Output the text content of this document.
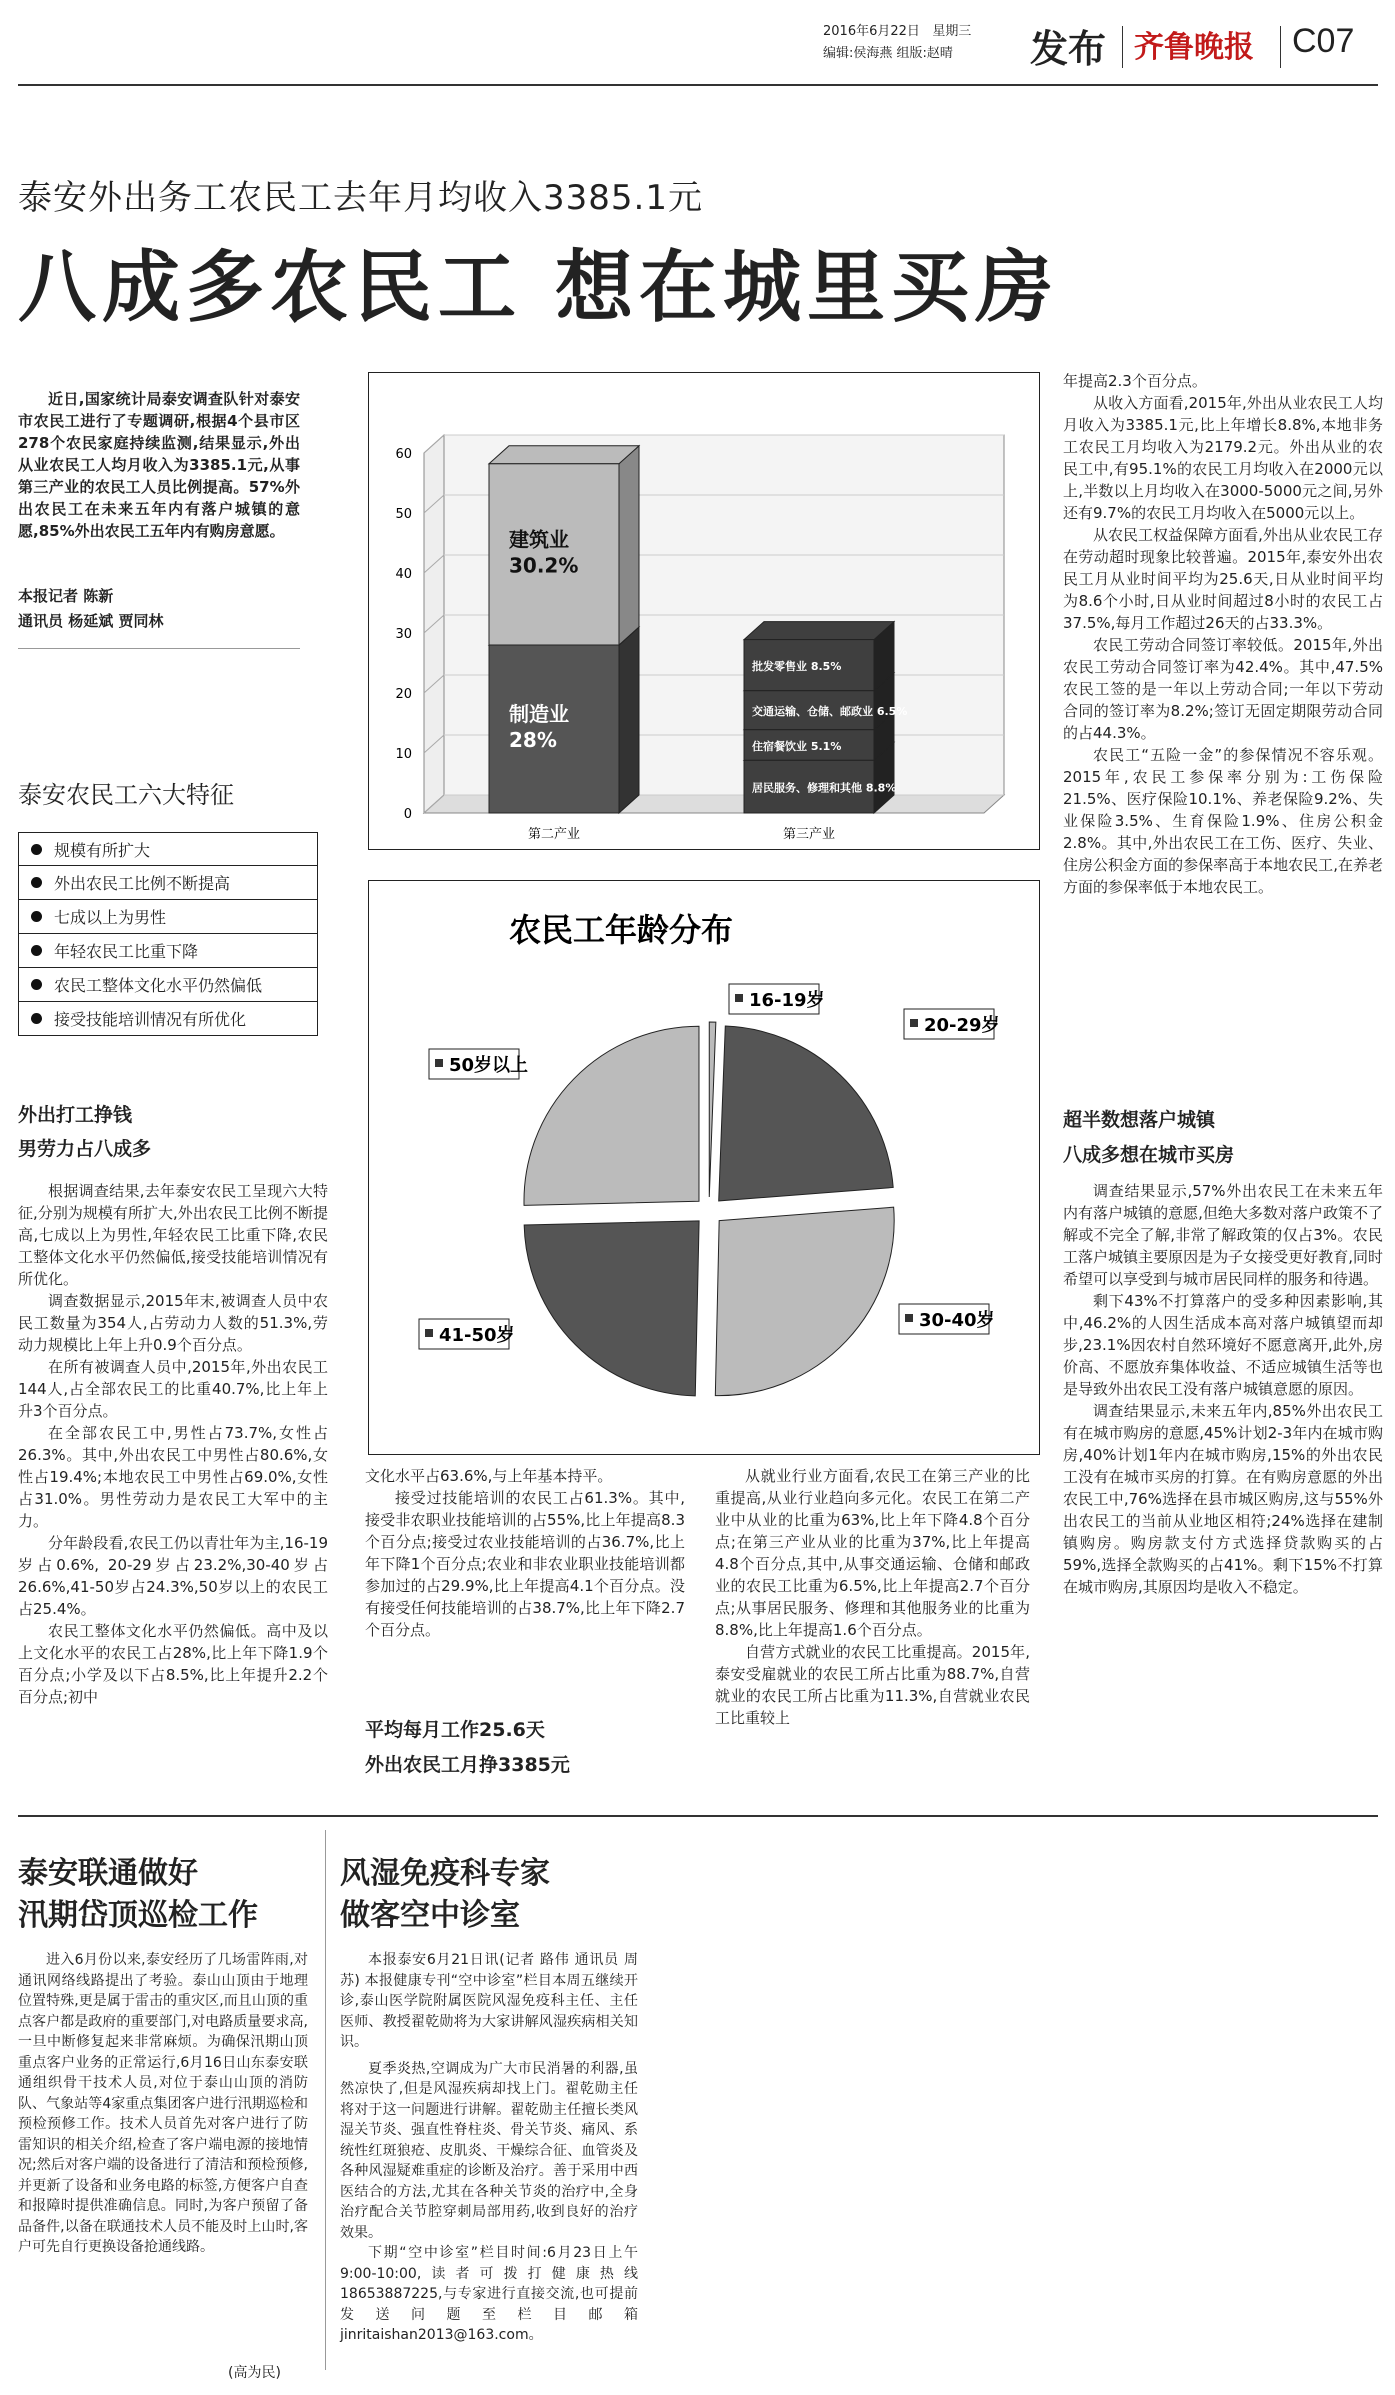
2016年6月22日 星期三
编辑:侯海燕 组版:赵晴 发布 齐鲁晚报 C07
泰安外出务工农民工去年月均收入3385.1元
八成多农民工 想在城里买房
近日,国家统计局泰安调查队针对泰安市农民工进行了专题调研,根据4个县市区278个农民家庭持续监测,结果显示,外出从业农民工人均月收入为3385.1元,从事第三产业的农民工人员比例提高。57%外出农民工在未来五年内有落户城镇的意愿,85%外出农民工五年内有购房意愿。
本报记者 陈新
通讯员 杨延斌 贾同林
泰安农民工六大特征
规模有所扩大
外出农民工比例不断提高
七成以上为男性
年轻农民工比重下降
农民工整体文化水平仍然偏低
接受技能培训情况有所优化
外出打工挣钱
男劳力占八成多

根据调查结果,去年泰安农民工呈现六大特征,分别为规模有所扩大,外出农民工比例不断提高,七成以上为男性,年轻农民工比重下降,农民工整体文化水平仍然偏低,接受技能培训情况有所优化。

调查数据显示,2015年末,被调查人员中农民工数量为354人,占劳动力人数的51.3%,劳动力规模比上年上升0.9个百分点。

在所有被调查人员中,2015年,外出农民工144人,占全部农民工的比重40.7%,比上年上升3个百分点。

在全部农民工中,男性占73.7%,女性占26.3%。其中,外出农民工中男性占80.6%,女性占19.4%;本地农民工中男性占69.0%,女性占31.0%。男性劳动力是农民工大军中的主力。

分年龄段看,农民工仍以青壮年为主,16-19岁占0.6%, 20-29岁占23.2%,30-40岁占26.6%,41-50岁占24.3%,50岁以上的农民工占25.4%。

农民工整体文化水平仍然偏低。高中及以上文化水平的农民工占28%,比上年下降1.9个百分点;小学及以下占8.5%,比上年提升2.2个百分点;初中

文化水平占63.6%,与上年基本持平。

接受过技能培训的农民工占61.3%。其中,接受非农职业技能培训的占55%,比上年提高8.3个百分点;接受过农业技能培训的占36.7%,比上年下降1个百分点;农业和非农业职业技能培训都参加过的占29.9%,比上年提高4.1个百分点。没有接受任何技能培训的占38.7%,比上年下降2.7个百分点。

平均每月工作25.6天
外出农民工月挣3385元

从就业行业方面看,农民工在第三产业的比重提高,从业行业趋向多元化。农民工在第二产业中从业的比重为63%,比上年下降4.8个百分点;在第三产业从业的比重为37%,比上年提高4.8个百分点,其中,从事交通运输、仓储和邮政业的农民工比重为6.5%,比上年提高2.7个百分点;从事居民服务、修理和其他服务业的比重为8.8%,比上年提高1.6个百分点。

自营方式就业的农民工比重提高。2015年,泰安受雇就业的农民工所占比重为88.7%,自营就业的农民工所占比重为11.3%,自营就业农民工比重较上

年提高2.3个百分点。

从收入方面看,2015年,外出从业农民工人均月收入为3385.1元,比上年增长8.8%,本地非务工农民工月均收入为2179.2元。外出从业的农民工中,有95.1%的农民工月均收入在2000元以上,半数以上月均收入在3000-5000元之间,另外还有9.7%的农民工月均收入在5000元以上。

从农民工权益保障方面看,外出从业农民工存在劳动超时现象比较普遍。2015年,泰安外出农民工月从业时间平均为25.6天,日从业时间平均为8.6个小时,日从业时间超过8小时的农民工占37.5%,每月工作超过26天的占33.3%。

农民工劳动合同签订率较低。2015年,外出农民工劳动合同签订率为42.4%。其中,47.5%农民工签的是一年以上劳动合同;一年以下劳动合同的签订率为8.2%;签订无固定期限劳动合同的占44.3%。

农民工“五险一金”的参保情况不容乐观。2015年,农民工参保率分别为:工伤保险21.5%、医疗保险10.1%、养老保险9.2%、失业保险3.5%、生育保险1.9%、住房公积金2.8%。其中,外出农民工在工伤、医疗、失业、住房公积金方面的参保率高于本地农民工,在养老方面的参保率低于本地农民工。

超半数想落户城镇
八成多想在城市买房

调查结果显示,57%外出农民工在未来五年内有落户城镇的意愿,但绝大多数对落户政策不了解或不完全了解,非常了解政策的仅占3%。农民工落户城镇主要原因是为子女接受更好教育,同时希望可以享受到与城市居民同样的服务和待遇。

剩下43%不打算落户的受多种因素影响,其中,46.2%的人因生活成本高对落户城镇望而却步,23.1%因农村自然环境好不愿意离开,此外,房价高、不愿放弃集体收益、不适应城镇生活等也是导致外出农民工没有落户城镇意愿的原因。

调查结果显示,未来五年内,85%外出农民工有在城市购房的意愿,45%计划2-3年内在城市购房,40%计划1年内在城市购房,15%的外出农民工没有在城市买房的打算。在有购房意愿的外出农民工中,76%选择在县市城区购房,这与55%外出农民工的当前从业地区相符;24%选择在建制镇购房。购房款支付方式选择贷款购买的占59%,选择全款购买的占41%。剩下15%不打算在城市购房,其原因均是收入不稳定。

0
10
20
30
40
50
60
制造业
28%
建筑业
30.2%
居民服务、修理和其他 8.8%
住宿餐饮业 5.1%
交通运输、仓储、邮政业 6.5%
批发零售业 8.5%
第二产业	第三产业
农民工年龄分布
16-19岁
20-29岁
30-40岁
41-50岁
50岁以上
泰安联通做好
汛期岱顶巡检工作
进入6月份以来,泰安经历了几场雷阵雨,对通讯网络线路提出了考验。泰山山顶由于地理位置特殊,更是属于雷击的重灾区,而且山顶的重点客户都是政府的重要部门,对电路质量要求高,一旦中断修复起来非常麻烦。为确保汛期山顶重点客户业务的正常运行,6月16日山东泰安联通组织骨干技术人员,对位于泰山山顶的消防队、气象站等4家重点集团客户进行汛期巡检和预检预修工作。技术人员首先对客户进行了防雷知识的相关介绍,检查了客户端电源的接地情况;然后对客户端的设备进行了清洁和预检预修,并更新了设备和业务电路的标签,方便客户自查和报障时提供准确信息。同时,为客户预留了备品备件,以备在联通技术人员不能及时上山时,客户可先自行更换设备抢通线路。
(高为民)
风湿免疫科专家
做客空中诊室

本报泰安6月21日讯(记者 路伟 通讯员 周苏) 本报健康专刊“空中诊室”栏目本周五继续开诊,泰山医学院附属医院风湿免疫科主任、主任医师、教授翟乾勋将为大家讲解风湿疾病相关知识。

夏季炎热,空调成为广大市民消暑的利器,虽然凉快了,但是风湿疾病却找上门。翟乾勋主任将对于这一问题进行讲解。翟乾勋主任擅长类风湿关节炎、强直性脊柱炎、骨关节炎、痛风、系统性红斑狼疮、皮肌炎、干燥综合征、血管炎及各种风湿疑难重症的诊断及治疗。善于采用中西医结合的方法,尤其在各种关节炎的治疗中,全身治疗配合关节腔穿刺局部用药,收到良好的治疗效果。

下期“空中诊室”栏目时间:6月23日上午9:00-10:00,读者可拨打健康热线18653887225,与专家进行直接交流,也可提前发送问题至栏目邮箱jinritaishan2013@163.com。
